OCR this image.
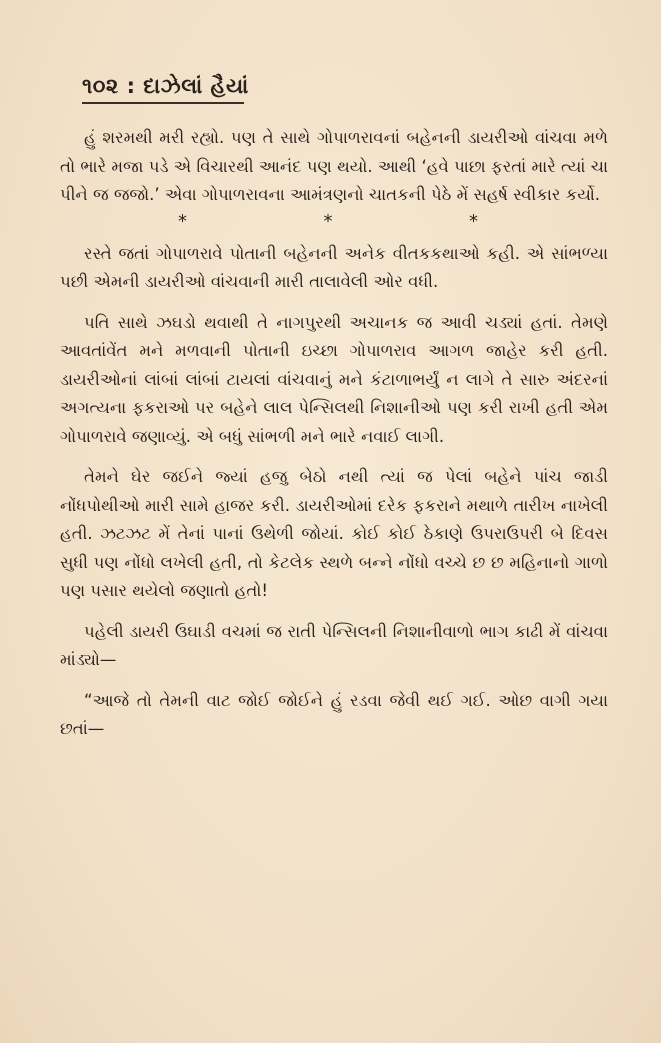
૧૦૨ : દાઝેલાં હૈયાં

હું શરમથી મરી રહ્યો. પણ તે સાથે ગોપાળરાવનાં બહેનની ડાયરીઓ વાંચવા મળે તો ભારે મજા પડે એ વિચારથી આનંદ પણ થયો. આથી ‘હવે પાછા ફરતાં મારે ત્યાં ચા પીને જ જજો.’ એવા ગોપાળરાવના આમંત્રણનો ચાતકની પેઠે મેં સહર્ષ સ્વીકાર કર્યો.

*	*	*

રસ્તે જતાં ગોપાળરાવે પોતાની બહેનની અનેક વીતકકથાઓ કહી. એ સાંભળ્યા પછી એમની ડાયરીઓ વાંચવાની મારી તાલાવેલી ઓર વધી.

પતિ સાથે ઝઘડો થવાથી તે નાગપુરથી અચાનક જ આવી ચડ્યાં હતાં. તેમણે આવતાંવેંત મને મળવાની પોતાની ઇચ્છા ગોપાળરાવ આગળ જાહેર કરી હતી. ડાયરીઓનાં લાંબાં લાંબાં ટાયલાં વાંચવાનું મને કંટાળાભર્યું ન લાગે તે સારુ અંદરનાં અગત્યના ફકરાઓ પર બહેને લાલ પેન્સિલથી નિશાનીઓ પણ કરી રાખી હતી એમ ગોપાળરાવે જણાવ્યું. એ બધું સાંભળી મને ભારે નવાઈ લાગી.

તેમને ઘેર જઈને જ્યાં હજુ બેઠો નથી ત્યાં જ પેલાં બહેને પાંચ જાડી નોંધપોથીઓ મારી સામે હાજર કરી. ડાયરીઓમાં દરેક ફકરાને મથાળે તારીખ નાખેલી હતી. ઝટઝટ મેં તેનાં પાનાં ઉથેળી જોયાં. કોઈ કોઈ ઠેકાણે ઉપરાઉપરી બે દિવસ સુધી પણ નોંધો લખેલી હતી, તો કેટલેક સ્થળે બન્ને નોંધો વચ્ચે છ છ મહિનાનો ગાળો પણ પસાર થયેલો જણાતો હતો!

પહેલી ડાયરી ઉઘાડી વચમાં જ રાતી પેન્સિલની નિશાનીવાળો ભાગ કાઢી મેં વાંચવા માંડ્યો—

“આજે તો તેમની વાટ જોઈ જોઈને હું રડવા જેવી થઈ ગઈ. ઓછ વાગી ગયા છતાં—
